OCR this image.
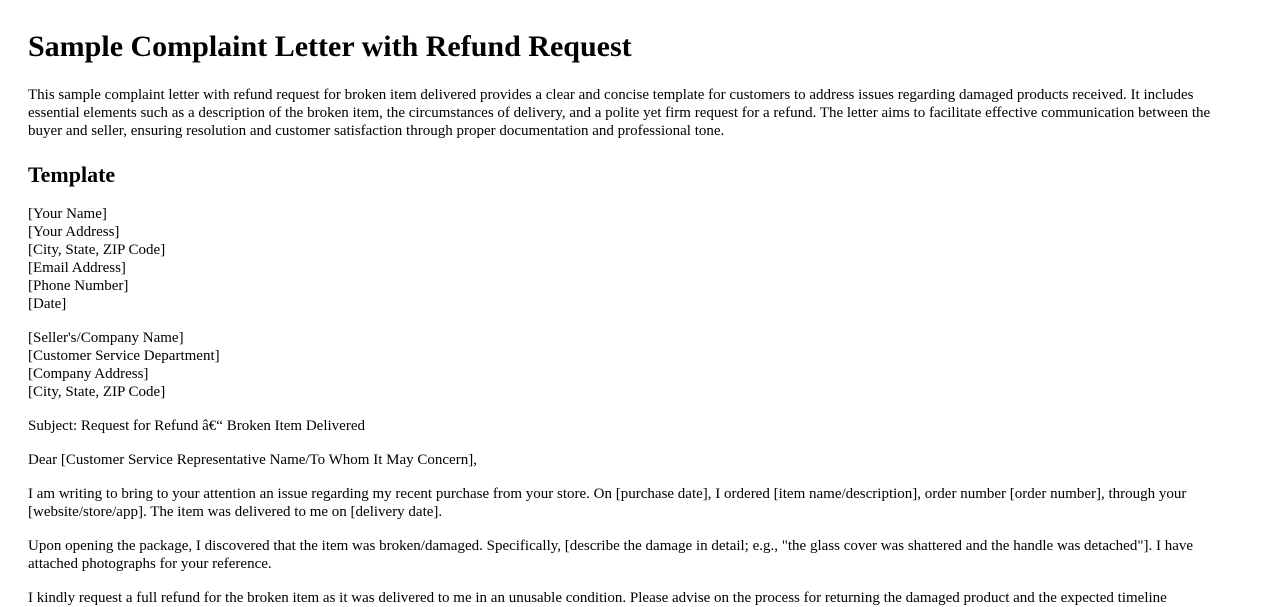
Sample Complaint Letter with Refund Request

This sample complaint letter with refund request for broken item delivered provides a clear and concise template for customers to address issues regarding damaged products received. It includes essential elements such as a description of the broken item, the circumstances of delivery, and a polite yet firm request for a refund. The letter aims to facilitate effective communication between the buyer and seller, ensuring resolution and customer satisfaction through proper documentation and professional tone.

Template
[Your Name]
[Your Address]
[City, State, ZIP Code]
[Email Address]
[Phone Number]
[Date]
[Seller's/Company Name]
[Customer Service Department]
[Company Address]
[City, State, ZIP Code]
Subject: Request for Refund â€“ Broken Item Delivered
Dear [Customer Service Representative Name/To Whom It May Concern],

I am writing to bring to your attention an issue regarding my recent purchase from your store. On [purchase date], I ordered [item name/description], order number [order number], through your [website/store/app]. The item was delivered to me on [delivery date].

Upon opening the package, I discovered that the item was broken/damaged. Specifically, [describe the damage in detail; e.g., "the glass cover was shattered and the handle was detached"]. I have attached photographs for your reference.

I kindly request a full refund for the broken item as it was delivered to me in an unusable condition. Please advise on the process for returning the damaged product and the expected timeline
